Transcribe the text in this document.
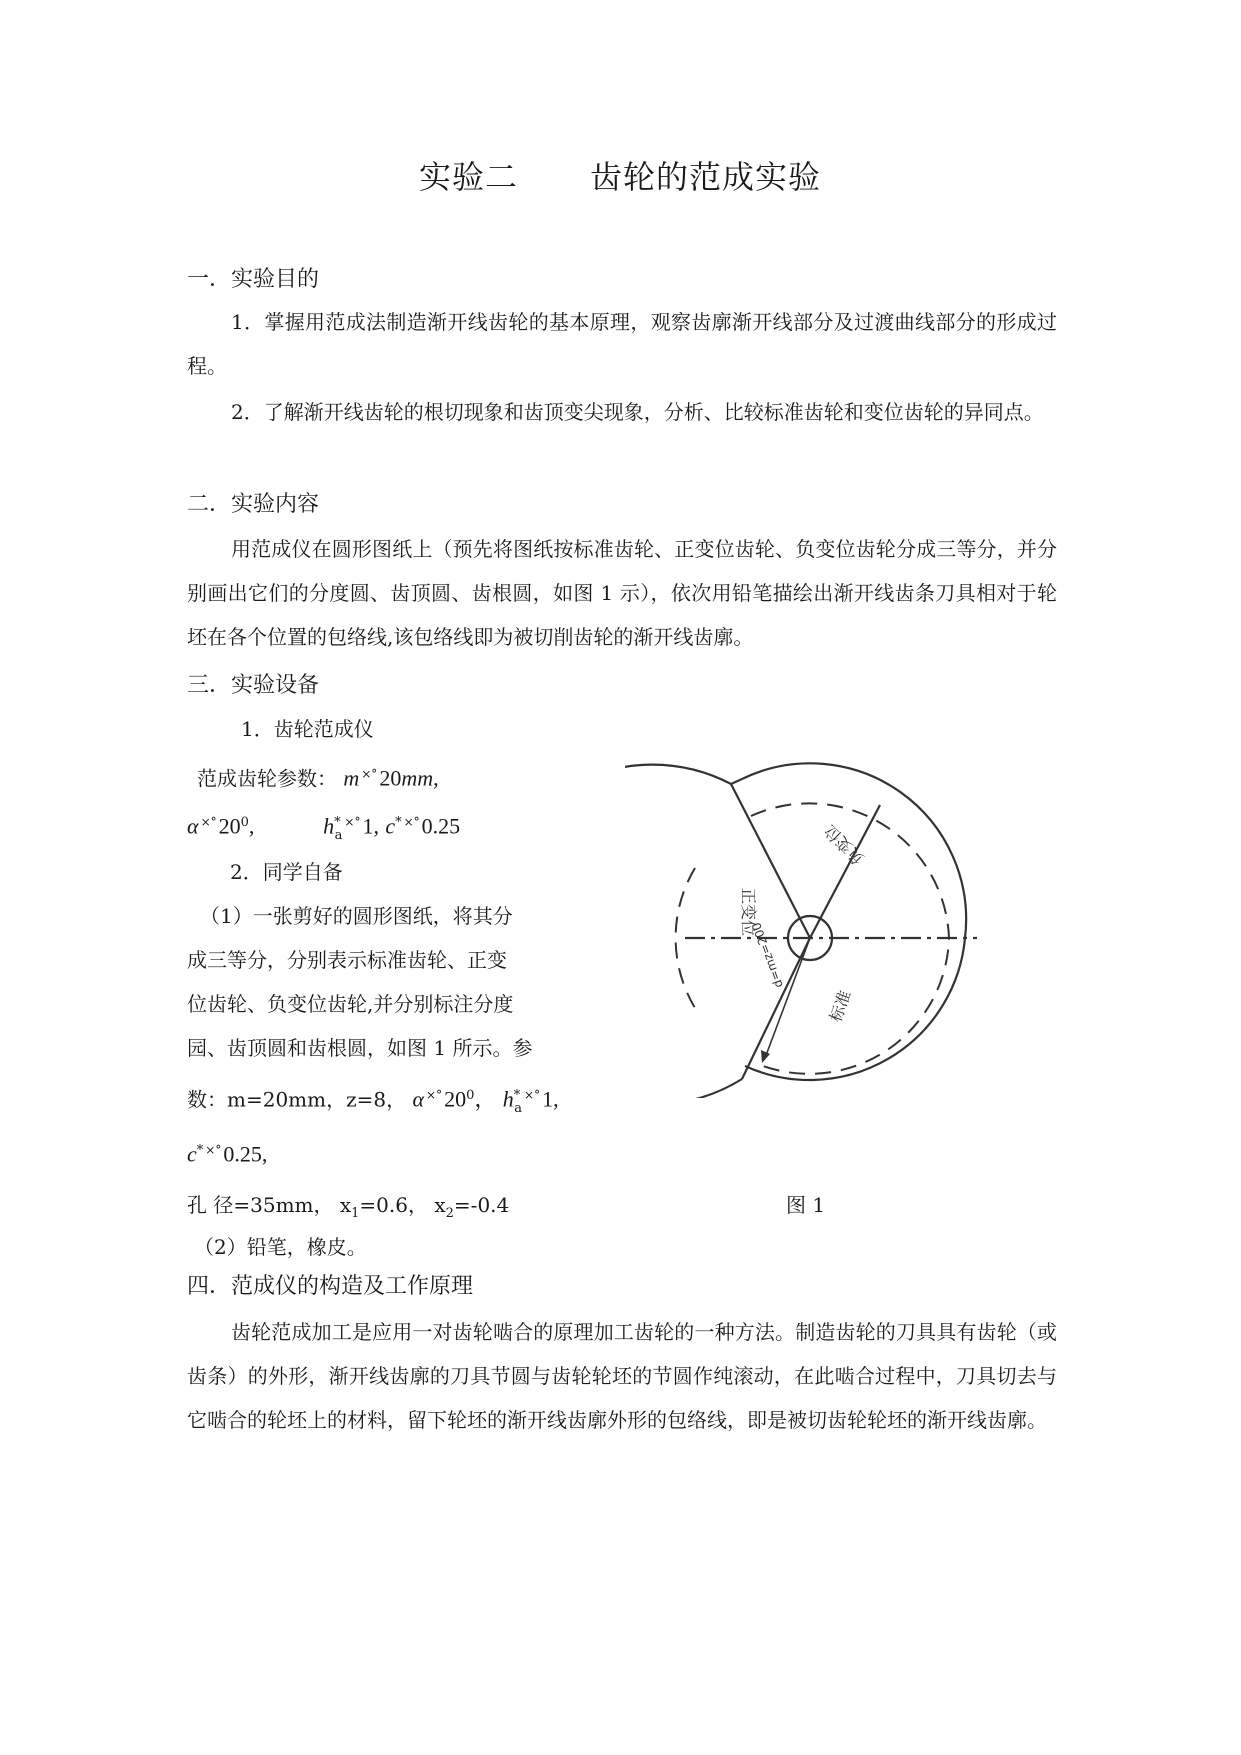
实验二 齿轮的范成实验
一．实验目的
1．掌握用范成法制造渐开线齿轮的基本原理，观察齿廓渐开线部分及过渡曲线部分的形成过程。
2．了解渐开线齿轮的根切现象和齿顶变尖现象，分析、比较标准齿轮和变位齿轮的异同点。
二．实验内容
用范成仪在圆形图纸上（预先将图纸按标准齿轮、正变位齿轮、负变位齿轮分成三等分，并分别画出它们的分度圆、齿顶圆、齿根圆，如图 1 示），依次用铅笔描绘出渐开线齿条刀具相对于轮坯在各个位置的包络线,该包络线即为被切削齿轮的渐开线齿廓。
三．实验设备
1．齿轮范成仪
范成齿轮参数： m ×°20mm,
α $^{\times^\circ}20^0$,	$h^*_a^{\times^\circ}1$, c* ×°0.25
2．同学自备
（1）一张剪好的圆形图纸，将其分
成三等分，分别表示标准齿轮、正变
位齿轮、负变位齿轮,并分别标注分度
园、齿顶圆和齿根圆，如图 1 所示。参
数：m=20mm，z=8， α $^{\times^\circ}20^0$， $h^*_a^{\times^\circ}1$,
c* ×°0.25,
孔 径=35mm， $x_1=0.6$， $x_2=-0.4$	图 1
（2）铅笔，橡皮。
正变位
负变位
标准
d=mz=200
四．范成仪的构造及工作原理
齿轮范成加工是应用一对齿轮啮合的原理加工齿轮的一种方法。制造齿轮的刀具具有齿轮（或齿条）的外形，渐开线齿廓的刀具节圆与齿轮轮坯的节圆作纯滚动，在此啮合过程中，刀具切去与它啮合的轮坯上的材料，留下轮坯的渐开线齿廓外形的包络线，即是被切齿轮轮坯的渐开线齿廓。
